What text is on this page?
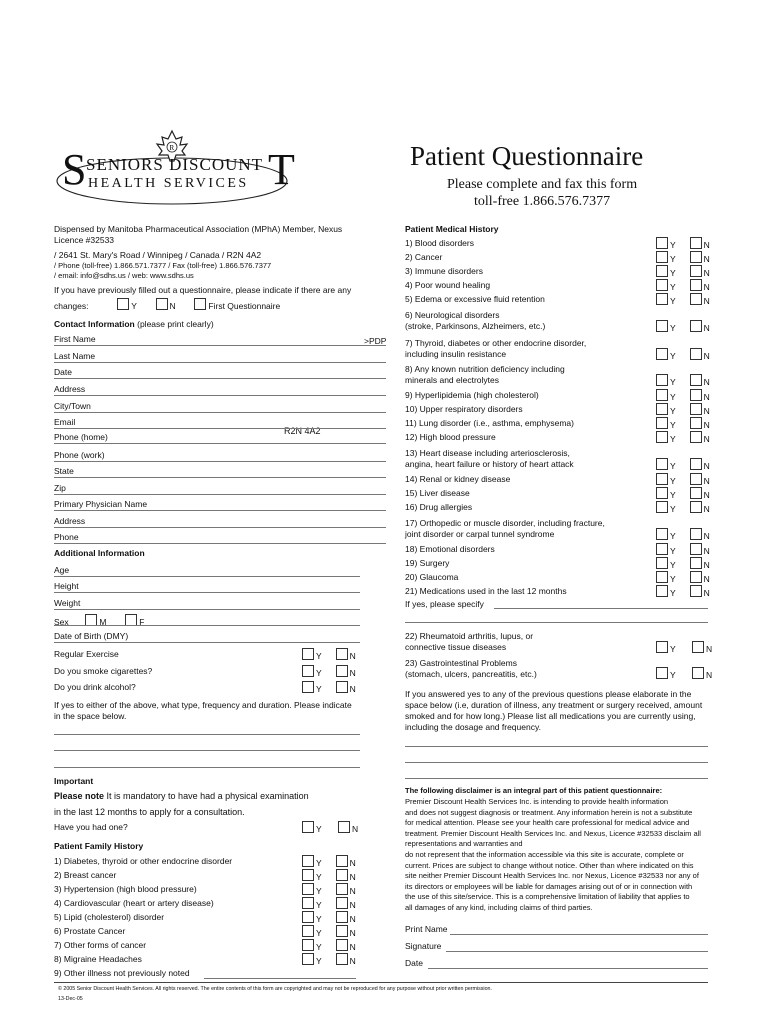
R
S	T
SENIORS DISCOUNT
HEALTH SERVICES
Patient Questionnaire
Please complete and fax this form
toll-free 1.866.576.7377
Dispensed by Manitoba Pharmaceutical Association (MPhA) Member, Nexus
Licence #32533
/ 2641 St. Mary's Road / Winnipeg / Canada / R2N 4A2
/ Phone (toll-free) 1.866.571.7377 / Fax (toll-free) 1.866.576.7377
/ email: info@sdhs.us / web: www.sdhs.us
If you have previously filled out a questionnaire, please indicate if there are any
changes:	Y	N	First Questionnaire
Contact Information (please print clearly)
>PDP
R2N 4A2
First Name
Last Name
Date
Address
City/Town
Email
Phone (home)
Phone (work)
State
Zip
Primary Physician Name
Address
Phone
Additional Information
Age
Height
Weight
Sex	M	F
Date of Birth (DMY)
Regular Exercise	Y	N
Do you smoke cigarettes?	Y	N
Do you drink alcohol?	Y	N
If yes to either of the above, what type, frequency and duration. Please indicate
in the space below.
Important
Please note It is mandatory to have had a physical examination
in the last 12 months to apply for a consultation.
Have you had one?	Y	N
Patient Family History
1) Diabetes, thyroid or other endocrine disorder	Y	N
2) Breast cancer	Y	N
3) Hypertension (high blood pressure)	Y	N
4) Cardiovascular (heart or artery disease)	Y	N
5) Lipid (cholesterol) disorder	Y	N
6) Prostate Cancer	Y	N
7) Other forms of cancer	Y	N
8) Migraine Headaches	Y	N
9) Other illness not previously noted
Patient Medical History
1) Blood disorders	Y	N
2) Cancer	Y	N
3) Immune disorders	Y	N
4) Poor wound healing	Y	N
5) Edema or excessive fluid retention	Y	N
6) Neurological disorders
(stroke, Parkinsons, Alzheimers, etc.)	Y	N
7) Thyroid, diabetes or other endocrine disorder,
including insulin resistance	Y	N
8) Any known nutrition deficiency including
minerals and electrolytes	Y	N
9) Hyperlipidemia (high cholesterol)	Y	N
10) Upper respiratory disorders	Y	N
11) Lung disorder (i.e., asthma, emphysema)	Y	N
12) High blood pressure	Y	N
13) Heart disease including arteriosclerosis,
angina, heart failure or history of heart attack	Y	N
14) Renal or kidney disease	Y	N
15) Liver disease	Y	N
16) Drug allergies	Y	N
17) Orthopedic or muscle disorder, including fracture,
joint disorder or carpal tunnel syndrome	Y	N
18) Emotional disorders	Y	N
19) Surgery	Y	N
20) Glaucoma	Y	N
21) Medications used in the last 12 months	Y	N
If yes, please specify
22) Rheumatoid arthritis, lupus, or
connective tissue diseases	Y	N
23) Gastrointestinal Problems
(stomach, ulcers, pancreatitis, etc.)	Y	N
If you answered yes to any of the previous questions please elaborate in the
space below (i.e, duration of illness, any treatment or surgery received, amount
smoked and for how long.) Please list all medications you are currently using,
including the dosage and frequency.
The following disclaimer is an integral part of this patient questionnaire:
Premier Discount Health Services Inc. is intending to provide health information
and does not suggest diagnosis or treatment. Any information herein is not a substitute
for medical attention. Please see your health care professional for medical advice and
treatment. Premier Discount Health Services Inc. and Nexus, Licence #32533 disclaim all
representations and warranties and
do not represent that the information accessible via this site is accurate, complete or
current. Prices are subject to change without notice. Other than where indicated on this
site neither Premier Discount Health Services Inc. nor Nexus, Licence #32533 nor any of
its directors or employees will be liable for damages arising out of or in connection with
the use of this site/service. This is a comprehensive limitation of liability that applies to
all damages of any kind, including claims of third parties.
Print Name
Signature
Date
© 2005 Senior Discount Health Services. All rights reserved. The entire contents of this form are copyrighted and may not be reproduced for any purpose without prior written permission.
13-Dec-05
